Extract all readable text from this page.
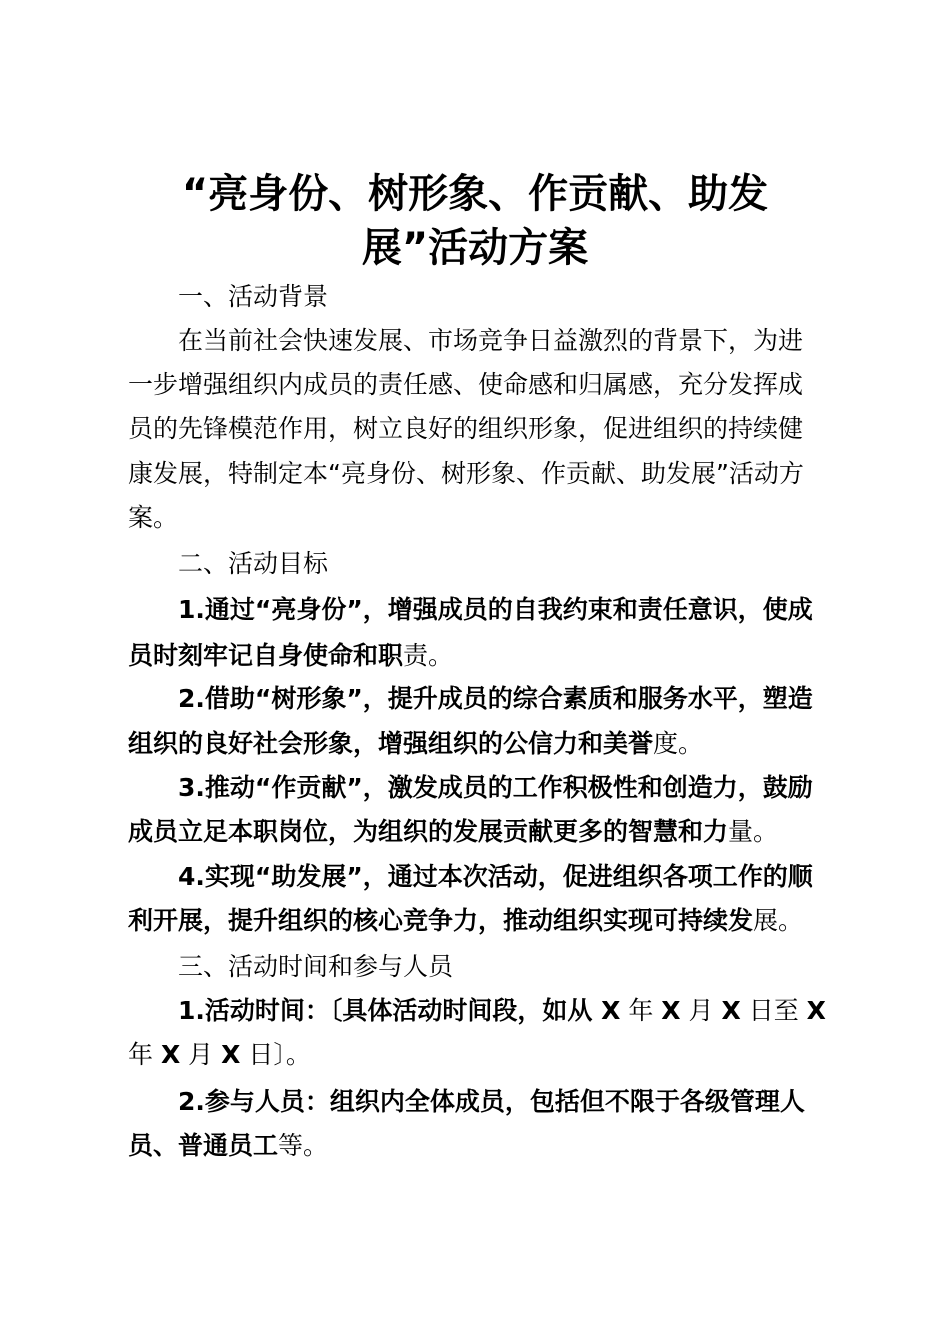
“亮身份、树形象、作贡献、助发
展”活动方案
一、活动背景
在当前社会快速发展、市场竞争日益激烈的背景下，为进
一步增强组织内成员的责任感、使命感和归属感，充分发挥成
员的先锋模范作用，树立良好的组织形象，促进组织的持续健
康发展，特制定本“亮身份、树形象、作贡献、助发展”活动方
案。
二、活动目标
1.通过“亮身份”，增强成员的自我约束和责任意识，使成
员时刻牢记自身使命和职责。
2.借助“树形象”，提升成员的综合素质和服务水平，塑造
组织的良好社会形象，增强组织的公信力和美誉度。
3.推动“作贡献”，激发成员的工作积极性和创造力，鼓励
成员立足本职岗位，为组织的发展贡献更多的智慧和力量。
4.实现“助发展”，通过本次活动，促进组织各项工作的顺
利开展，提升组织的核心竞争力，推动组织实现可持续发展。
三、活动时间和参与人员
1.活动时间：〔具体活动时间段，如从 X 年 X 月 X 日至 X
年 X 月 X 日〕。
2.参与人员：组织内全体成员，包括但不限于各级管理人
员、普通员工等。
